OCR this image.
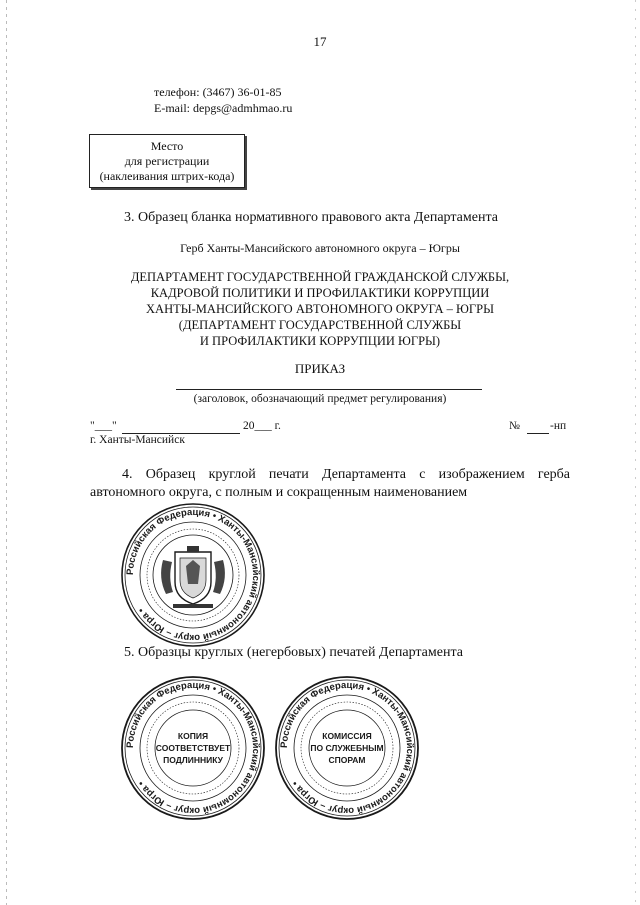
17
телефон: (3467) 36-01-85
E-mail: depgs@admhmao.ru
Место
для регистрации
(наклеивания штрих-кода)
3. Образец бланка нормативного правового акта Департамента
Герб Ханты-Мансийского автономного округа – Югры
ДЕПАРТАМЕНТ ГОСУДАРСТВЕННОЙ ГРАЖДАНСКОЙ СЛУЖБЫ,
КАДРОВОЙ ПОЛИТИКИ И ПРОФИЛАКТИКИ КОРРУПЦИИ
ХАНТЫ-МАНСИЙСКОГО АВТОНОМНОГО ОКРУГА – ЮГРЫ
(ДЕПАРТАМЕНТ ГОСУДАРСТВЕННОЙ СЛУЖБЫ
И ПРОФИЛАКТИКИ КОРРУПЦИИ ЮГРЫ)
ПРИКАЗ
(заголовок, обозначающий предмет регулирования)
"___"	20___ г.	№	-нп
г. Ханты-Мансийск
4. Образец круглой печати Департамента с изображением герба автономного округа, с полным и сокращенным наименованием
Российская Федерация • Ханты-Мансийский автономный округ – Югра •
5. Образцы круглых (негербовых) печатей Департамента
Российская Федерация • Ханты-Мансийский автономный округ – Югра •
КОПИЯ
СООТВЕТСТВУЕТ
ПОДЛИННИКУ
Российская Федерация • Ханты-Мансийский автономный округ – Югра •
КОМИССИЯ
ПО СЛУЖЕБНЫМ
СПОРАМ
